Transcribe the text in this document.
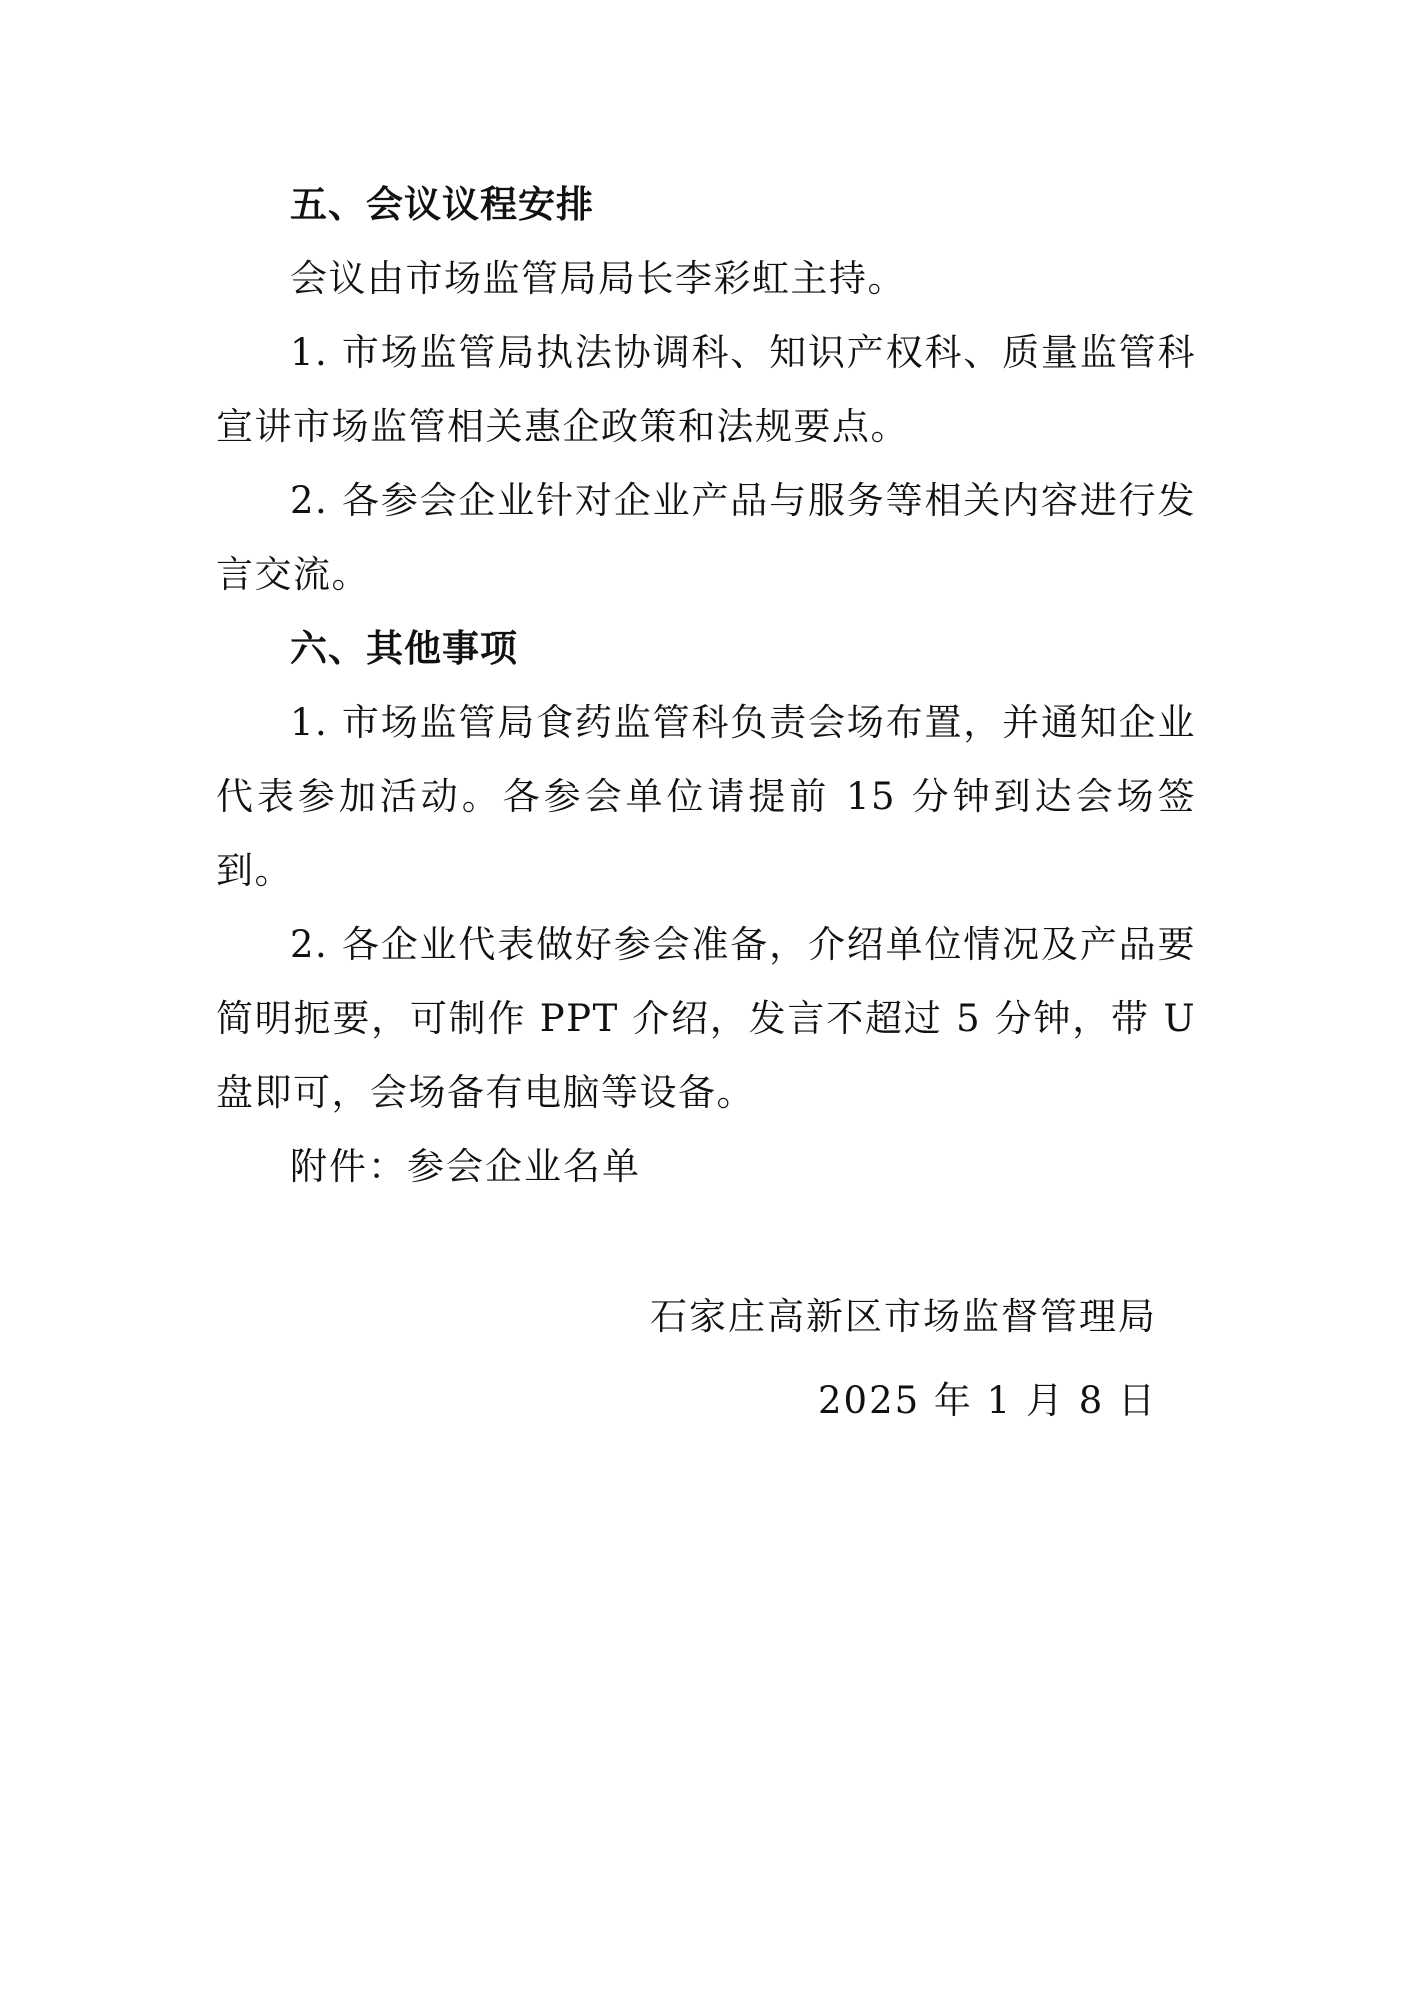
五、会议议程安排

会议由市场监管局局长李彩虹主持。

1. 市场监管局执法协调科、知识产权科、质量监管科宣讲市场监管相关惠企政策和法规要点。

2. 各参会企业针对企业产品与服务等相关内容进行发言交流。

六、其他事项

1. 市场监管局食药监管科负责会场布置，并通知企业代表参加活动。各参会单位请提前 15 分钟到达会场签到。

2. 各企业代表做好参会准备，介绍单位情况及产品要简明扼要，可制作 PPT 介绍，发言不超过 5 分钟，带 U 盘即可，会场备有电脑等设备。

附件：参会企业名单

石家庄高新区市场监督管理局
2025 年 1 月 8 日
